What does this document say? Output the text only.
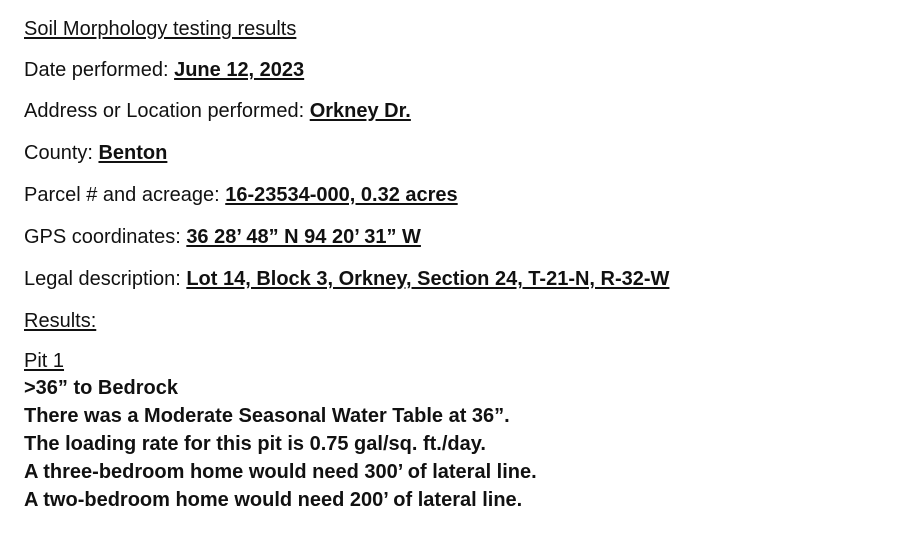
Soil Morphology testing results
Date performed: June 12, 2023
Address or Location performed: Orkney Dr.
County: Benton
Parcel # and acreage: 16-23534-000, 0.32 acres
GPS coordinates: 36 28’ 48” N 94 20’ 31” W
Legal description: Lot 14, Block 3, Orkney, Section 24, T-21-N, R-32-W
Results:
Pit 1
>36” to Bedrock
There was a Moderate Seasonal Water Table at 36”.
The loading rate for this pit is 0.75 gal/sq. ft./day.
A three-bedroom home would need 300’ of lateral line.
A two-bedroom home would need 200’ of lateral line.
